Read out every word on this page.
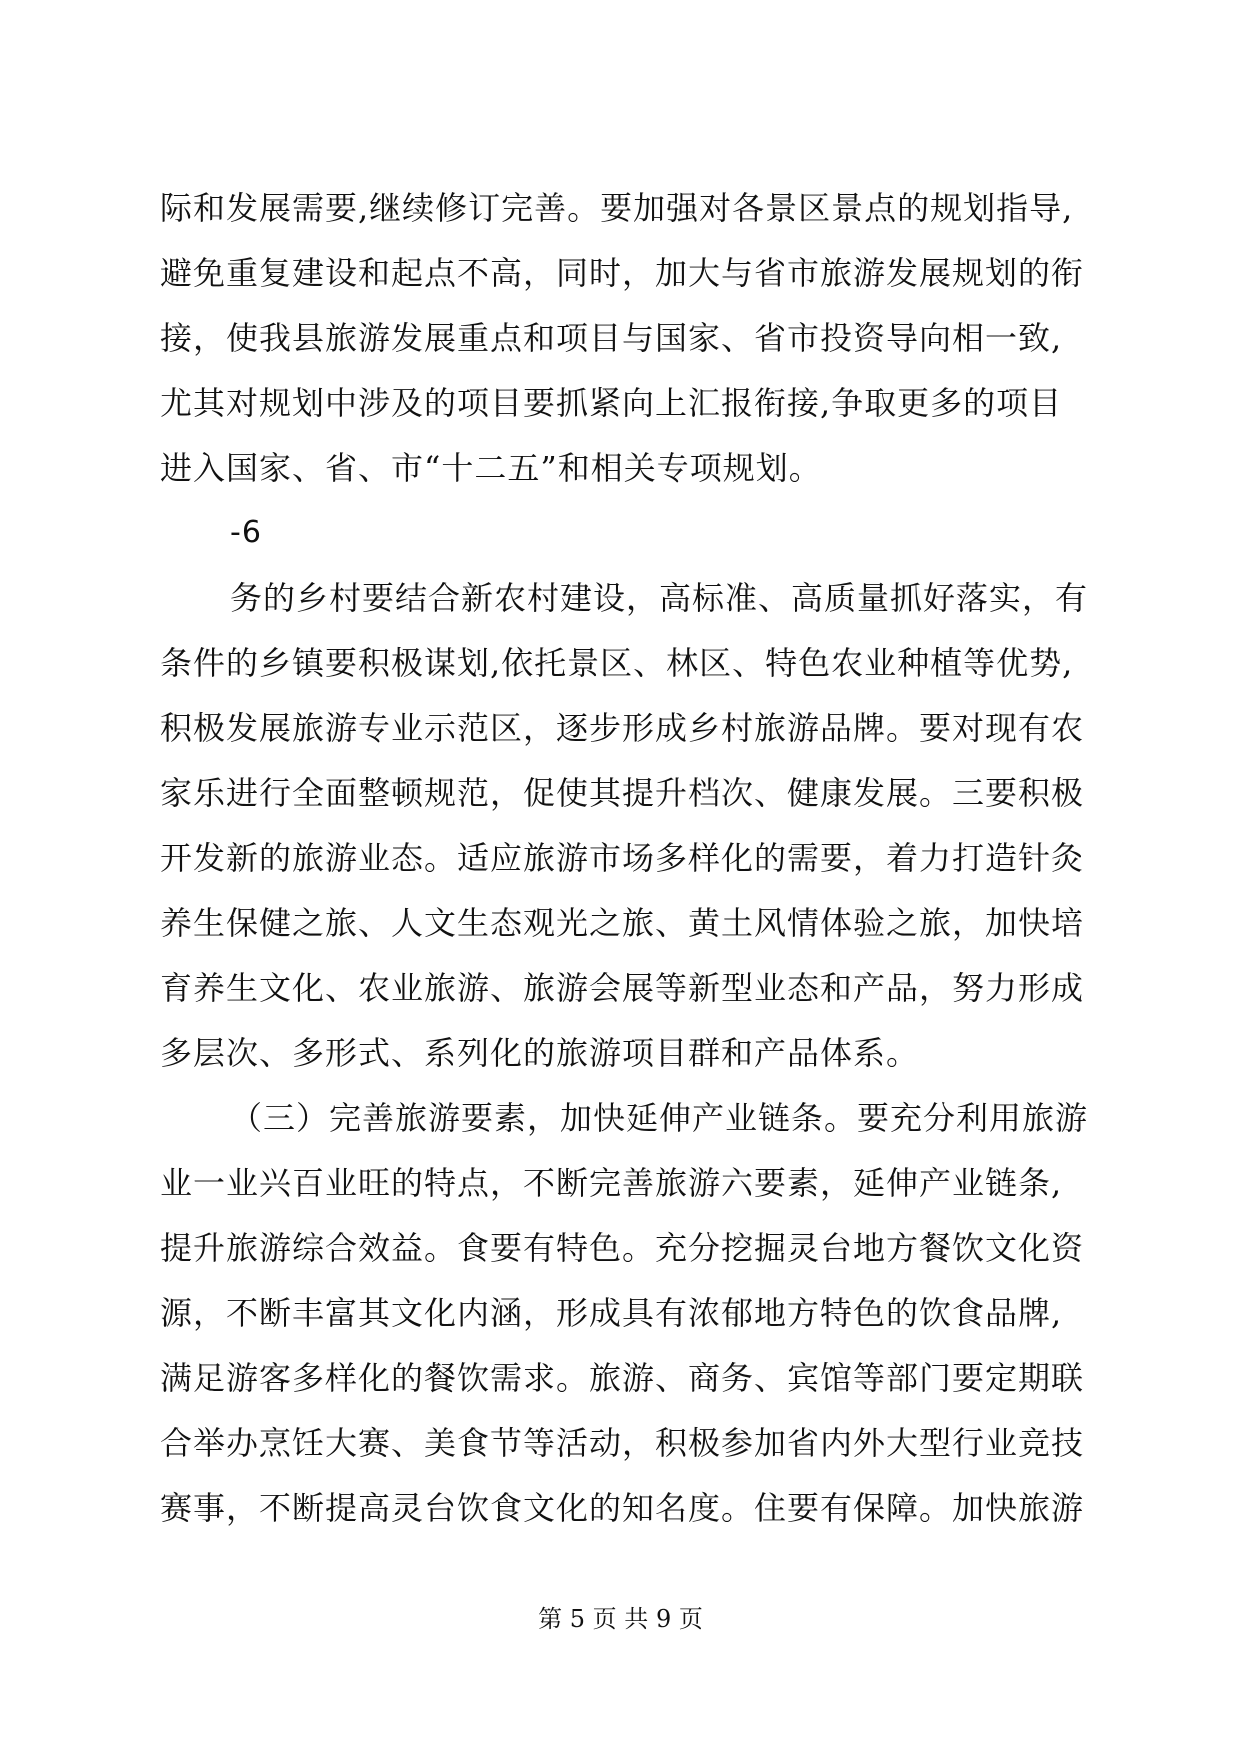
际和发展需要,继续修订完善。要加强对各景区景点的规划指导,
避免重复建设和起点不高，同时，加大与省市旅游发展规划的衔
接，使我县旅游发展重点和项目与国家、省市投资导向相一致,
尤其对规划中涉及的项目要抓紧向上汇报衔接,争取更多的项目
进入国家、省、市“十二五”和相关专项规划。
-6
务的乡村要结合新农村建设，高标准、高质量抓好落实，有
条件的乡镇要积极谋划,依托景区、林区、特色农业种植等优势,
积极发展旅游专业示范区，逐步形成乡村旅游品牌。要对现有农
家乐进行全面整顿规范，促使其提升档次、健康发展。三要积极
开发新的旅游业态。适应旅游市场多样化的需要，着力打造针灸
养生保健之旅、人文生态观光之旅、黄土风情体验之旅，加快培
育养生文化、农业旅游、旅游会展等新型业态和产品，努力形成
多层次、多形式、系列化的旅游项目群和产品体系。
（三）完善旅游要素，加快延伸产业链条。要充分利用旅游
业一业兴百业旺的特点，不断完善旅游六要素，延伸产业链条,
提升旅游综合效益。食要有特色。充分挖掘灵台地方餐饮文化资
源，不断丰富其文化内涵，形成具有浓郁地方特色的饮食品牌,
满足游客多样化的餐饮需求。旅游、商务、宾馆等部门要定期联
合举办烹饪大赛、美食节等活动，积极参加省内外大型行业竞技
赛事，不断提高灵台饮食文化的知名度。住要有保障。加快旅游
第 5 页 共 9 页
